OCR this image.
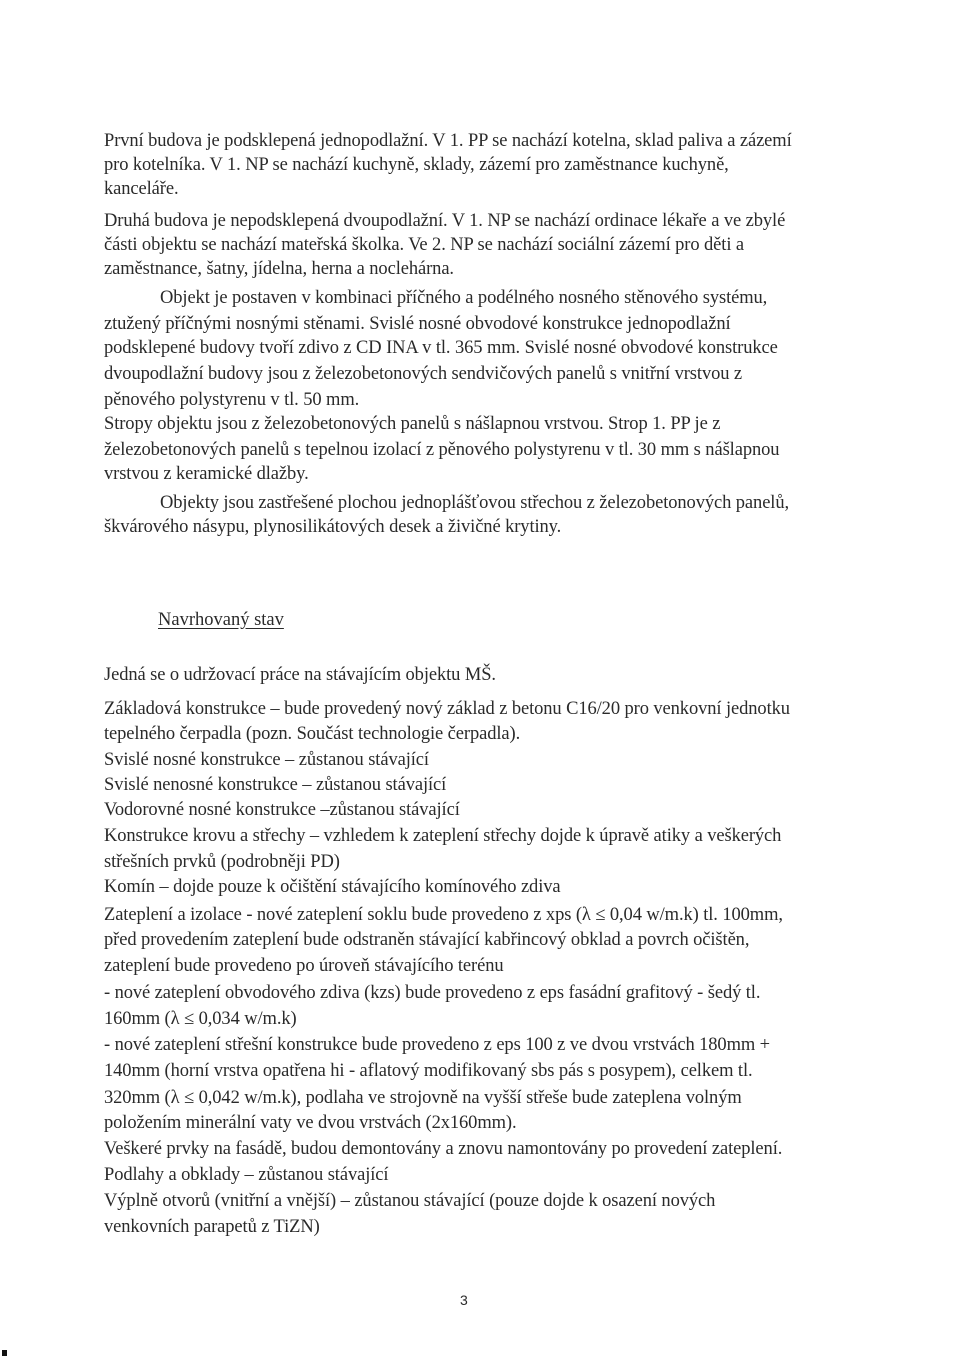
První budova je podsklepená jednopodlažní. V 1. PP se nachází kotelna, sklad paliva a zázemí
pro kotelníka. V 1. NP se nachází kuchyně, sklady, zázemí pro zaměstnance kuchyně,
kanceláře.
Druhá budova je nepodsklepená dvoupodlažní. V 1. NP se nachází ordinace lékaře a ve zbylé
části objektu se nachází mateřská školka. Ve 2. NP se nachází sociální zázemí pro děti a
zaměstnance, šatny, jídelna, herna a noclehárna.
Objekt je postaven v kombinaci příčného a podélného nosného stěnového systému,
ztužený příčnými nosnými stěnami. Svislé nosné obvodové konstrukce jednopodlažní
podsklepené budovy tvoří zdivo z CD INA v tl. 365 mm. Svislé nosné obvodové konstrukce
dvoupodlažní budovy jsou z železobetonových sendvičových panelů s vnitřní vrstvou z
pěnového polystyrenu v tl. 50 mm.
Stropy objektu jsou z železobetonových panelů s nášlapnou vrstvou. Strop 1. PP je z
železobetonových panelů s tepelnou izolací z pěnového polystyrenu v tl. 30 mm s nášlapnou
vrstvou z keramické dlažby.
Objekty jsou zastřešené plochou jednoplášťovou střechou z železobetonových panelů,
škvárového násypu, plynosilikátových desek a živičné krytiny.
Navrhovaný stav
Jedná se o udržovací práce na stávajícím objektu MŠ.
Základová konstrukce – bude provedený nový základ z betonu C16/20 pro venkovní jednotku
tepelného čerpadla (pozn. Součást technologie čerpadla).
Svislé nosné konstrukce – zůstanou stávající
Svislé nenosné konstrukce – zůstanou stávající
Vodorovné nosné konstrukce –zůstanou stávající
Konstrukce krovu a střechy – vzhledem k zateplení střechy dojde k úpravě atiky a veškerých
střešních prvků (podrobněji PD)
Komín – dojde pouze k očištění stávajícího komínového zdiva
Zateplení a izolace - nové zateplení soklu bude provedeno z xps (λ ≤ 0,04 w/m.k) tl. 100mm,
před provedením zateplení bude odstraněn stávající kabřincový obklad a povrch očištěn,
zateplení bude provedeno po úroveň stávajícího terénu
- nové zateplení obvodového zdiva (kzs) bude provedeno z eps fasádní grafitový - šedý tl.
160mm (λ ≤ 0,034 w/m.k)
- nové zateplení střešní konstrukce bude provedeno z eps 100 z ve dvou vrstvách 180mm +
140mm (horní vrstva opatřena hi - aflatový modifikovaný sbs pás s posypem), celkem tl.
320mm (λ ≤ 0,042 w/m.k), podlaha ve strojovně na vyšší střeše bude zateplena volným
položením minerální vaty ve dvou vrstvách (2x160mm).
Veškeré prvky na fasádě, budou demontovány a znovu namontovány po provedení zateplení.
Podlahy a obklady – zůstanou stávající
Výplně otvorů (vnitřní a vnější) – zůstanou stávající (pouze dojde k osazení nových
venkovních parapetů z TiZN)
3
